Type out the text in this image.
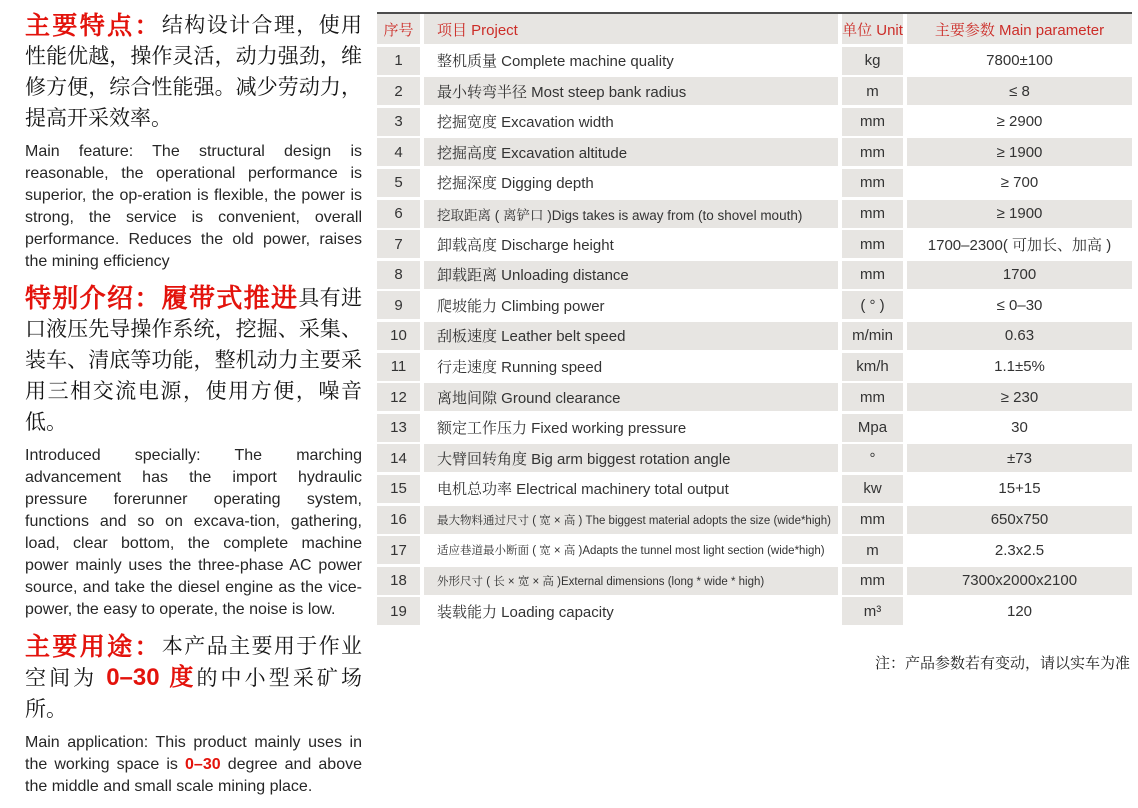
主要特点：结构设计合理，使用性能优越，操作灵活，动力强劲，维修方便，综合性能强。减少劳动力，提高开采效率。

Main feature: The structural design is reasonable, the operational performance is superior, the op-eration is flexible, the power is strong, the service is convenient, overall performance. Reduces the old power, raises the mining efficiency

特别介绍：履带式推进具有进口液压先导操作系统，挖掘、采集、装车、清底等功能，整机动力主要采用三相交流电源，使用方便，噪音低。

Introduced specially: The marching advancement has the import hydraulic pressure forerunner operating system, functions and so on excava-tion, gathering, load, clear bottom, the complete machine power mainly uses the three-phase AC power source, and take the diesel engine as the vice-power, the easy to operate, the noise is low.

主要用途：本产品主要用于作业空间为 0–30 度的中小型采矿场所。

Main application: This product mainly uses in the working space is 0–30 degree and above the middle and small scale mining place.

序号	项目 Project	单位 Unit	主要参数 Main parameter
1	整机质量 Complete machine quality	kg	7800±100
2	最小转弯半径 Most steep bank radius	m	≤ 8
3	挖掘宽度 Excavation width	mm	≥ 2900
4	挖掘高度 Excavation altitude	mm	≥ 1900
5	挖掘深度 Digging depth	mm	≥ 700
6	挖取距离 ( 离铲口 )Digs takes is away from (to shovel mouth)	mm	≥ 1900
7	卸载高度 Discharge height	mm	1700–2300( 可加长、加高 )
8	卸载距离 Unloading distance	mm	1700
9	爬坡能力 Climbing power	( ° )	≤ 0–30
10	刮板速度 Leather belt speed	m/min	0.63
11	行走速度 Running speed	km/h	1.1±5%
12	离地间隙 Ground clearance	mm	≥ 230
13	额定工作压力 Fixed working pressure	Mpa	30
14	大臂回转角度 Big arm biggest rotation angle	°	±73
15	电机总功率 Electrical machinery total output	kw	15+15
16	最大物料通过尺寸 ( 宽 × 高 ) The biggest material adopts the size (wide*high)	mm	650x750
17	适应巷道最小断面 ( 宽 × 高 )Adapts the tunnel most light section (wide*high)	m	2.3x2.5
18	外形尺寸 ( 长 × 宽 × 高 )External dimensions (long * wide * high)	mm	7300x2000x2100
19	装载能力 Loading capacity	m³	120
注：产品参数若有变动，请以实车为准
